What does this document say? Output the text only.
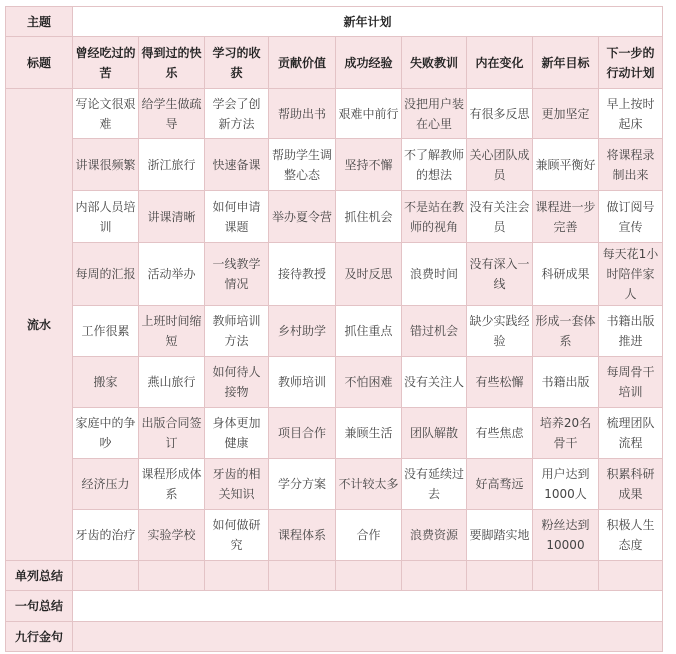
主题	新年计划								
标题	曾经吃过的苦	得到过的快乐	学习的收获	贡献价值	成功经验	失败教训	内在变化	新年目标	下一步的行动计划
流水	写论文很艰难	给学生做疏导	学会了创新方法	帮助出书	艰难中前行	没把用户装在心里	有很多反思	更加坚定	早上按时起床
	讲课很频繁	浙江旅行	快速备课	帮助学生调整心态	坚持不懈	不了解教师的想法	关心团队成员	兼顾平衡好	将课程录制出来
	内部人员培训	讲课清晰	如何申请课题	举办夏令营	抓住机会	不是站在教师的视角	没有关注会员	课程进一步完善	做订阅号宣传
	每周的汇报	活动举办	一线教学情况	接待教授	及时反思	浪费时间	没有深入一线	科研成果	每天花1小时陪伴家人
	工作很累	上班时间缩短	教师培训方法	乡村助学	抓住重点	错过机会	缺少实践经验	形成一套体系	书籍出版推进
	搬家	燕山旅行	如何待人接物	教师培训	不怕困难	没有关注人	有些松懈	书籍出版	每周骨干培训
	家庭中的争吵	出版合同签订	身体更加健康	项目合作	兼顾生活	团队解散	有些焦虑	培养20名骨干	梳理团队流程
	经济压力	课程形成体系	牙齿的相关知识	学分方案	不计较太多	没有延续过去	好高骛远	用户达到1000人	积累科研成果
	牙齿的治疗	实验学校	如何做研究	课程体系	合作	浪费资源	要脚踏实地	粉丝达到10000	积极人生态度
单列总结									
一句总结									
九行金句									
